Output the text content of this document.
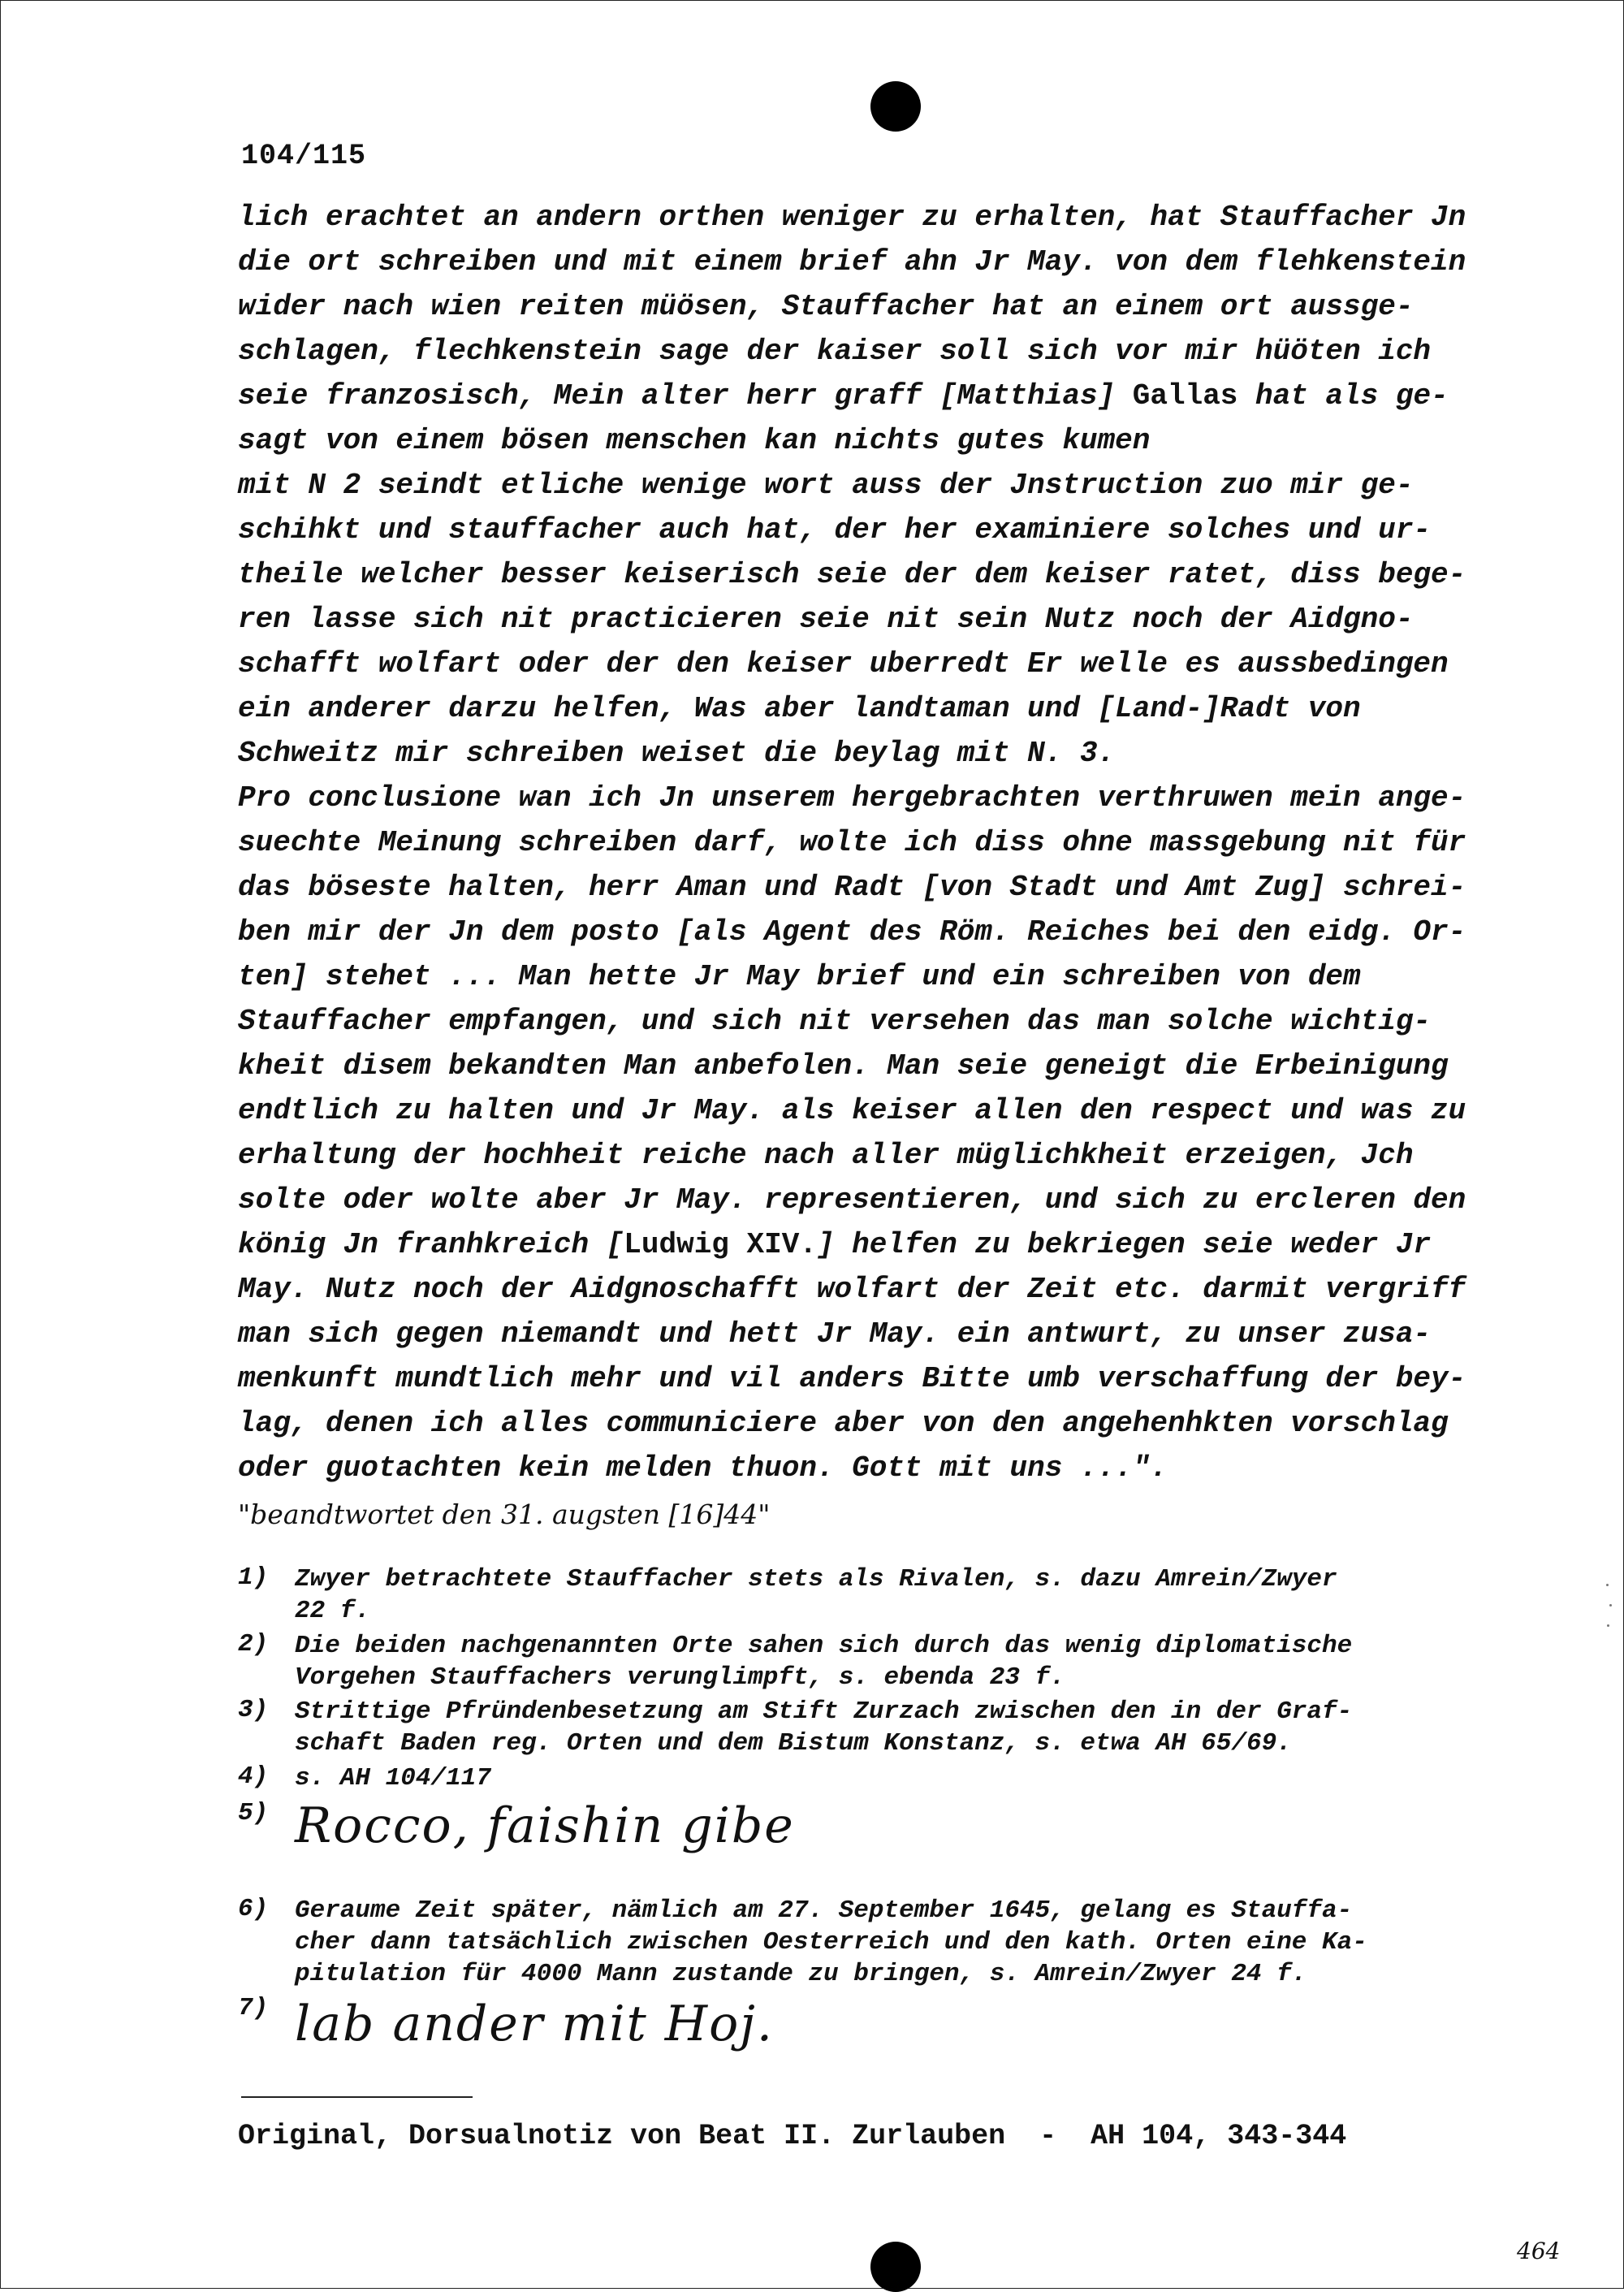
104/115
lich erachtet an andern orthen weniger zu erhalten, hat Stauffacher Jn
die ort schreiben und mit einem brief ahn Jr May. von dem flehkenstein
wider nach wien reiten müösen, Stauffacher hat an einem ort aussge-
schlagen, flechkenstein sage der kaiser soll sich vor mir hüöten ich
seie franzosisch, Mein alter herr graff [Matthias] Gallas hat als ge-
sagt von einem bösen menschen kan nichts gutes kumen
mit N 2 seindt etliche wenige wort auss der Jnstruction zuo mir ge-
schihkt und stauffacher auch hat, der her examiniere solches und ur-
theile welcher besser keiserisch seie der dem keiser ratet, diss bege-
ren lasse sich nit practicieren seie nit sein Nutz noch der Aidgno-
schafft wolfart oder der den keiser uberredt Er welle es aussbedingen
ein anderer darzu helfen, Was aber landtaman und [Land-]Radt von
Schweitz mir schreiben weiset die beylag mit N. 3.
Pro conclusione wan ich Jn unserem hergebrachten verthruwen mein ange-
suechte Meinung schreiben darf, wolte ich diss ohne massgebung nit für
das böseste halten, herr Aman und Radt [von Stadt und Amt Zug] schrei-
ben mir der Jn dem posto [als Agent des Röm. Reiches bei den eidg. Or-
ten] stehet ... Man hette Jr May brief und ein schreiben von dem
Stauffacher empfangen, und sich nit versehen das man solche wichtig-
kheit disem bekandten Man anbefolen. Man seie geneigt die Erbeinigung
endtlich zu halten und Jr May. als keiser allen den respect und was zu
erhaltung der hochheit reiche nach aller müglichkheit erzeigen, Jch
solte oder wolte aber Jr May. representieren, und sich zu ercleren den
könig Jn franhkreich [Ludwig XIV.] helfen zu bekriegen seie weder Jr
May. Nutz noch der Aidgnoschafft wolfart der Zeit etc. darmit vergriff
man sich gegen niemandt und hett Jr May. ein antwurt, zu unser zusa-
menkunft mundtlich mehr und vil anders Bitte umb verschaffung der bey-
lag, denen ich alles communiciere aber von den angehenhkten vorschlag
oder guotachten kein melden thuon. Gott mit uns ...".
"beandtwortet den 31. augsten [16]44"
1) Zwyer betrachtete Stauffacher stets als Rivalen, s. dazu Amrein/Zwyer
22 f.
2) Die beiden nachgenannten Orte sahen sich durch das wenig diplomatische
Vorgehen Stauffachers verunglimpft, s. ebenda 23 f.
3) Strittige Pfründenbesetzung am Stift Zurzach zwischen den in der Graf-
schaft Baden reg. Orten und dem Bistum Konstanz, s. etwa AH 65/69.
4) s. AH 104/117
5) Rocco, faishin gibe
6) Geraume Zeit später, nämlich am 27. September 1645, gelang es Stauffa-
cher dann tatsächlich zwischen Oesterreich und den kath. Orten eine Ka-
pitulation für 4000 Mann zustande zu bringen, s. Amrein/Zwyer 24 f.
7) lab ander mit Hoj.
Original, Dorsualnotiz von Beat II. Zurlauben  -  AH 104, 343-344
464
